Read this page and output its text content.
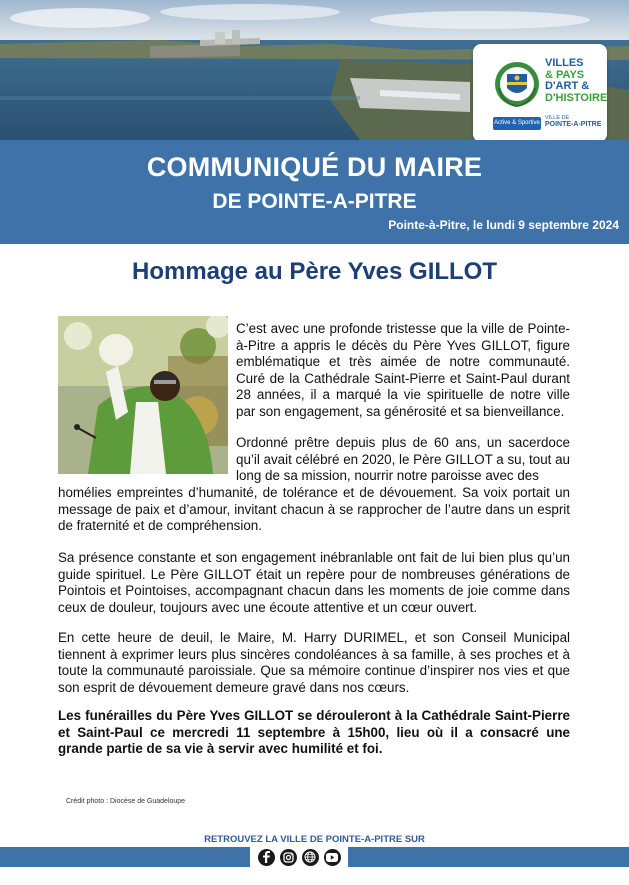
VILLES
& PAYS
D'ART &
D'HISTOIRE
Active & Sportive
VILLE DE
POINTE-A-PITRE
COMMUNIQUÉ DU MAIRE
DE POINTE-A-PITRE
Pointe-à-Pitre, le lundi 9 septembre 2024
Hommage au Père Yves GILLOT

C’est avec une profonde tristesse que la ville de Pointe-à-Pitre a appris le décès du Père Yves GILLOT, figure emblématique et très aimée de notre communauté. Curé de la Cathédrale Saint-Pierre et Saint-Paul durant 28 années, il a marqué la vie spirituelle de notre ville par son engagement, sa générosité et sa bienveillance.

Ordonné prêtre depuis plus de 60 ans, un sacerdoce qu’il avait célébré en 2020, le Père GILLOT a su, tout au long de sa mission, nourrir notre paroisse avec des

homélies empreintes d’humanité, de tolérance et de dévouement. Sa voix portait un message de paix et d’amour, invitant chacun à se rapprocher de l’autre dans un esprit de fraternité et de compréhension.

Sa présence constante et son engagement inébranlable ont fait de lui bien plus qu’un guide spirituel. Le Père GILLOT était un repère pour de nombreuses générations de Pointois et Pointoises, accompagnant chacun dans les moments de joie comme dans ceux de douleur, toujours avec une écoute attentive et un cœur ouvert.

En cette heure de deuil, le Maire, M. Harry DURIMEL, et son Conseil Municipal tiennent à exprimer leurs plus sincères condoléances à sa famille, à ses proches et à toute la communauté paroissiale. Que sa mémoire continue d’inspirer nos vies et que son esprit de dévouement demeure gravé dans nos cœurs.

Les funérailles du Père Yves GILLOT se dérouleront à la Cathédrale Saint-Pierre et Saint-Paul ce mercredi 11 septembre à 15h00, lieu où il a consacré une grande partie de sa vie à servir avec humilité et foi.

Crédit photo : Diocèse de Guadeloupe
RETROUVEZ LA VILLE DE POINTE-A-PITRE SUR
